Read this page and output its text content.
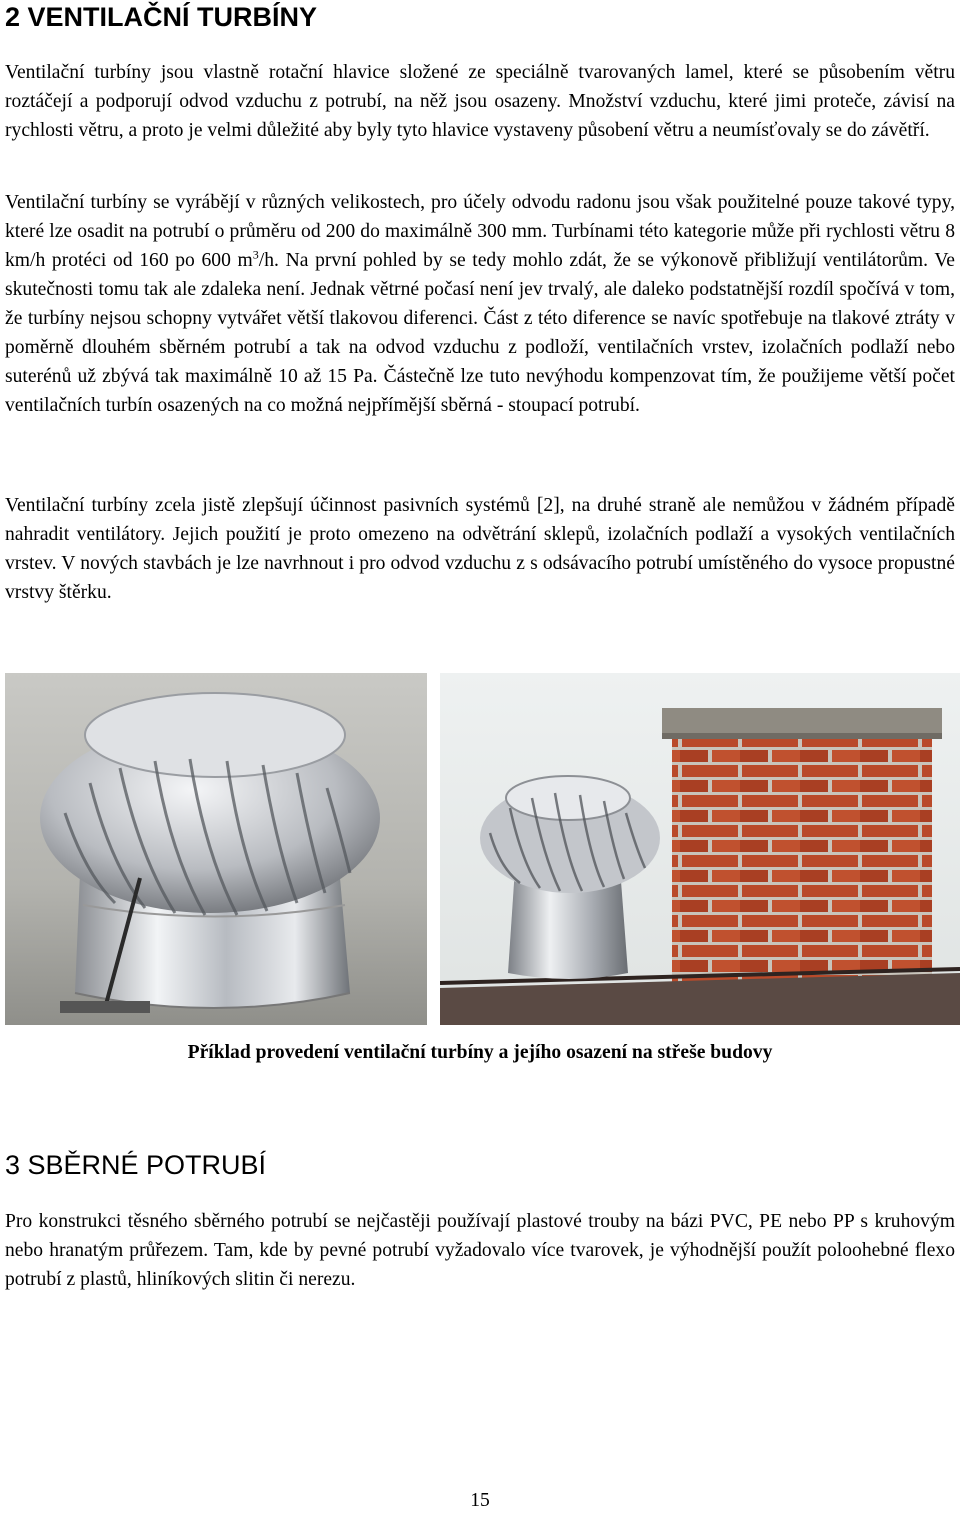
2 VENTILAČNÍ TURBÍNY

Ventilační turbíny jsou vlastně rotační hlavice složené ze speciálně tvarovaných lamel, které se působením větru roztáčejí a podporují odvod vzduchu z potrubí, na něž jsou osazeny. Množství vzduchu, které jimi proteče, závisí na rychlosti větru, a proto je velmi důležité aby byly tyto hlavice vystaveny působení větru a neumísťovaly se do závětří.

Ventilační turbíny se vyrábějí v různých velikostech, pro účely odvodu radonu jsou však použitelné pouze takové typy, které lze osadit na potrubí o průměru od 200 do maximálně 300 mm. Turbínami této kategorie může při rychlosti větru 8 km/h protéci od 160 po 600 $m^3/h$. Na první pohled by se tedy mohlo zdát, že se výkonově přibližují ventilátorům. Ve skutečnosti tomu tak ale zdaleka není. Jednak větrné počasí není jev trvalý, ale daleko podstatnější rozdíl spočívá v tom, že turbíny nejsou schopny vytvářet větší tlakovou diferenci. Část z této diference se navíc spotřebuje na tlakové ztráty v poměrně dlouhém sběrném potrubí a tak na odvod vzduchu z podloží, ventilačních vrstev, izolačních podlaží nebo suterénů už zbývá tak maximálně 10 až 15 Pa. Částečně lze tuto nevýhodu kompenzovat tím, že použijeme větší počet ventilačních turbín osazených na co možná nejpřímější sběrná - stoupací potrubí.

Ventilační turbíny zcela jistě zlepšují účinnost pasivních systémů [2], na druhé straně ale nemůžou v žádném případě nahradit ventilátory. Jejich použití je proto omezeno na odvětrání sklepů, izolačních podlaží a vysokých ventilačních vrstev. V nových stavbách je lze navrhnout i pro odvod vzduchu z s odsávacího potrubí umístěného do vysoce propustné vrstvy štěrku.

Příklad provedení ventilační turbíny a jejího osazení na střeše budovy
3 SBĚRNÉ POTRUBÍ

Pro konstrukci těsného sběrného potrubí se nejčastěji používají plastové trouby na bázi PVC, PE nebo PP s kruhovým nebo hranatým průřezem. Tam, kde by pevné potrubí vyžadovalo více tvarovek, je výhodnější použít poloohebné flexo potrubí z plastů, hliníkových slitin či nerezu.

15
